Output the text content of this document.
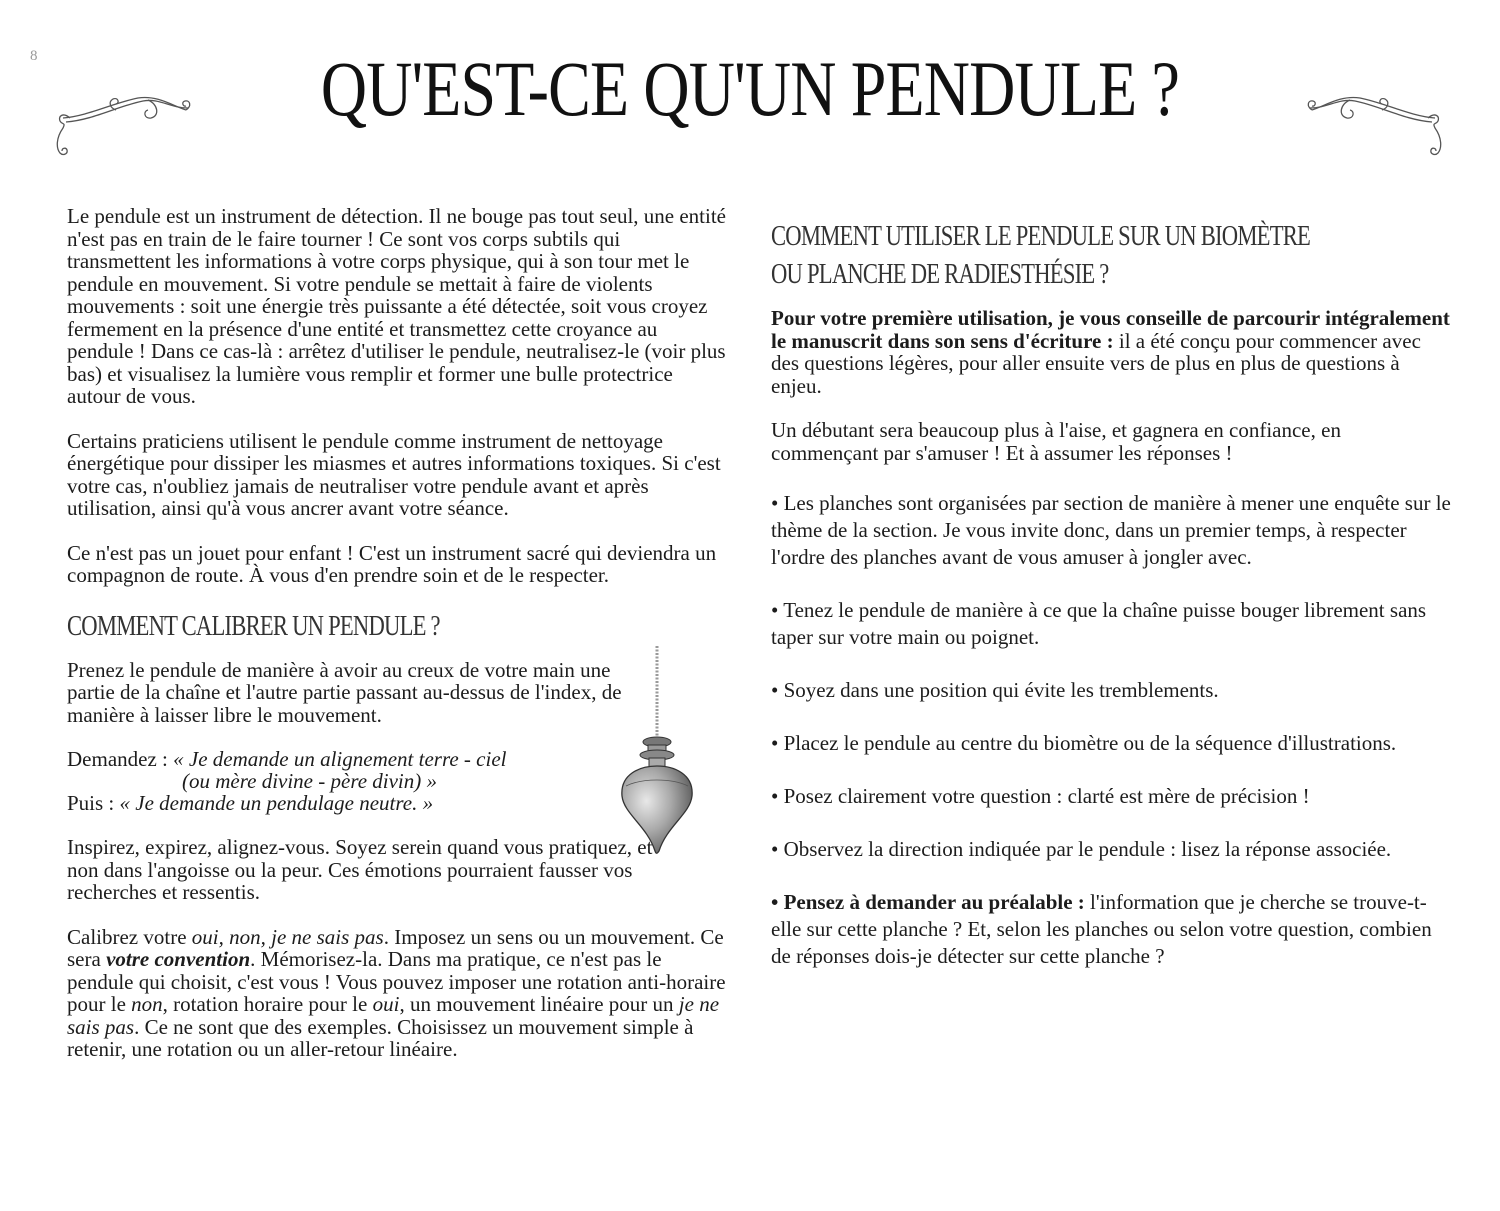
8	QU'EST-CE QU'UN PENDULE ?

Le pendule est un instrument de détection. Il ne bouge pas tout seul, une entité n'est pas en train de le faire tourner ! Ce sont vos corps subtils qui transmettent les informations à votre corps physique, qui à son tour met le pendule en mouvement. Si votre pendule se mettait à faire de violents mouvements : soit une énergie très puissante a été détectée, soit vous croyez fermement en la présence d'une entité et transmettez cette croyance au pendule ! Dans ce cas-là : arrêtez d'utiliser le pendule, neutralisez-le (voir plus bas) et visualisez la lumière vous remplir et former une bulle protectrice autour de vous.

Certains praticiens utilisent le pendule comme instrument de nettoyage énergétique pour dissiper les miasmes et autres informations toxiques. Si c'est votre cas, n'oubliez jamais de neutraliser votre pendule avant et après utilisation, ainsi qu'à vous ancrer avant votre séance.

Ce n'est pas un jouet pour enfant ! C'est un instrument sacré qui deviendra un compagnon de route. À vous d'en prendre soin et de le respecter.

COMMENT CALIBRER UN PENDULE ?

Prenez le pendule de manière à avoir au creux de votre main une partie de la chaîne et l'autre partie passant au-dessus de l'index, de manière à laisser libre le mouvement.

Demandez : « Je demande un alignement terre - ciel
(ou mère divine - père divin) »
Puis : « Je demande un pendulage neutre. »

Inspirez, expirez, alignez-vous. Soyez serein quand vous pratiquez, et non dans l'angoisse ou la peur. Ces émotions pourraient fausser vos recherches et ressentis.

Calibrez votre oui, non, je ne sais pas. Imposez un sens ou un mouvement. Ce sera votre convention. Mémorisez-la. Dans ma pratique, ce n'est pas le pendule qui choisit, c'est vous ! Vous pouvez imposer une rotation anti-horaire pour le non, rotation horaire pour le oui, un mouvement linéaire pour un je ne sais pas. Ce ne sont que des exemples. Choisissez un mouvement simple à retenir, une rotation ou un aller-retour linéaire.

COMMENT UTILISER LE PENDULE SUR UN BIOMÈTRE
OU PLANCHE DE RADIESTHÉSIE ?

Pour votre première utilisation, je vous conseille de parcourir intégralement le manuscrit dans son sens d'écriture : il a été conçu pour commencer avec des questions légères, pour aller ensuite vers de plus en plus de questions à enjeu.

Un débutant sera beaucoup plus à l'aise, et gagnera en confiance, en commençant par s'amuser ! Et à assumer les réponses !

• Les planches sont organisées par section de manière à mener une enquête sur le thème de la section. Je vous invite donc, dans un premier temps, à respecter l'ordre des planches avant de vous amuser à jongler avec.

• Tenez le pendule de manière à ce que la chaîne puisse bouger librement sans taper sur votre main ou poignet.

• Soyez dans une position qui évite les tremblements.

• Placez le pendule au centre du biomètre ou de la séquence d'illustrations.

• Posez clairement votre question : clarté est mère de précision !

• Observez la direction indiquée par le pendule : lisez la réponse associée.

• Pensez à demander au préalable : l'information que je cherche se trouve-t-elle sur cette planche ? Et, selon les planches ou selon votre question, combien de réponses dois-je détecter sur cette planche ?
